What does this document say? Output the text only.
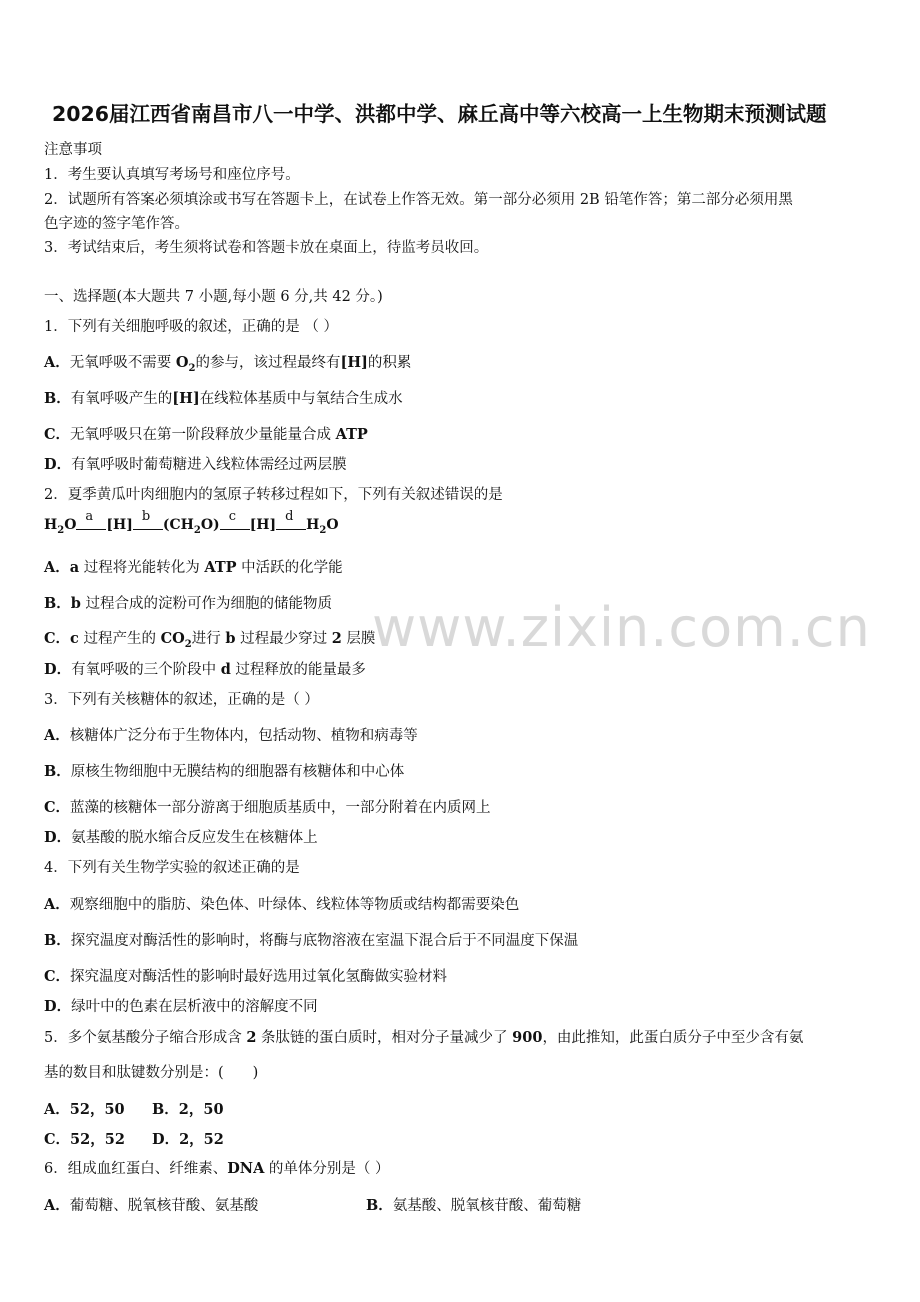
www.zixin.com.cn
2026届江西省南昌市八一中学、洪都中学、麻丘高中等六校高一上生物期末预测试题
注意事项
1．考生要认真填写考场号和座位序号。
2．试题所有答案必须填涂或书写在答题卡上，在试卷上作答无效。第一部分必须用 2B 铅笔作答；第二部分必须用黑
色字迹的签字笔作答。
3．考试结束后，考生须将试卷和答题卡放在桌面上，待监考员收回。
一、选择题(本大题共 7 小题,每小题 6 分,共 42 分。)
1．下列有关细胞呼吸的叙述，正确的是 （ ）
A．无氧呼吸不需要 $O_2$的参与，该过程最终有[H]的积累
B．有氧呼吸产生的[H]在线粒体基质中与氧结合生成水
C．无氧呼吸只在第一阶段释放少量能量合成 ATP
D．有氧呼吸时葡萄糖进入线粒体需经过两层膜
2．夏季黄瓜叶肉细胞内的氢原子转移过程如下，下列有关叙述错误的是
$H_2O$
a
[H]
b
$(CH_2O)$
c
[H]
d
$H_2O$
A．a 过程将光能转化为 ATP 中活跃的化学能
B．b 过程合成的淀粉可作为细胞的储能物质
C．c 过程产生的 $CO_2$进行 b 过程最少穿过 2 层膜
D．有氧呼吸的三个阶段中 d 过程释放的能量最多
3．下列有关核糖体的叙述，正确的是（ ）
A．核糖体广泛分布于生物体内，包括动物、植物和病毒等
B．原核生物细胞中无膜结构的细胞器有核糖体和中心体
C．蓝藻的核糖体一部分游离于细胞质基质中，一部分附着在内质网上
D．氨基酸的脱水缩合反应发生在核糖体上
4．下列有关生物学实验的叙述正确的是
A．观察细胞中的脂肪、染色体、叶绿体、线粒体等物质或结构都需要染色
B．探究温度对酶活性的影响时，将酶与底物溶液在室温下混合后于不同温度下保温
C．探究温度对酶活性的影响时最好选用过氧化氢酶做实验材料
D．绿叶中的色素在层析液中的溶解度不同
5．多个氨基酸分子缩合形成含 2 条肽链的蛋白质时，相对分子量减少了 900，由此推知，此蛋白质分子中至少含有氨
基的数目和肽键数分别是：(　　)
A．52，50 B．2，50
C．52，52 D．2，52
6．组成血红蛋白、纤维素、DNA 的单体分别是（ ）
A．葡萄糖、脱氧核苷酸、氨基酸	B．氨基酸、脱氧核苷酸、葡萄糖
